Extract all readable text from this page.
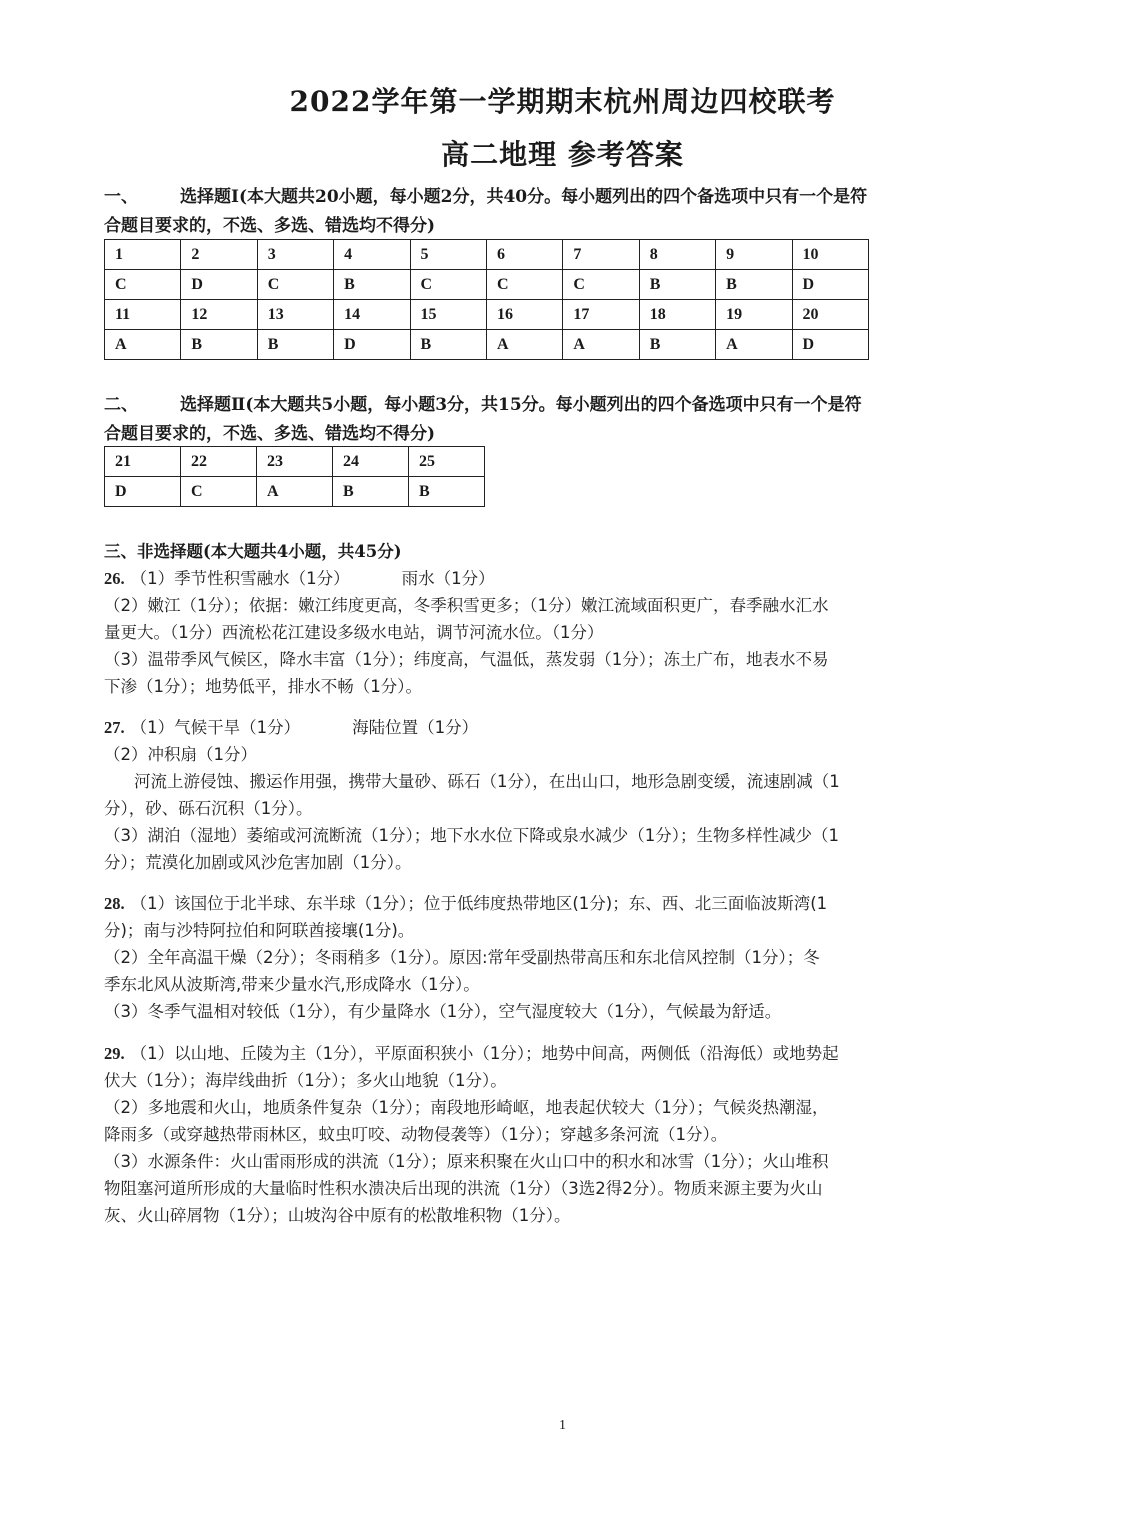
2022学年第一学期期末杭州周边四校联考
高二地理 参考答案
一、 选择题Ⅰ(本大题共20小题，每小题2分，共40分。每小题列出的四个备选项中只有一个是符
合题目要求的，不选、多选、错选均不得分)
1	2	3	4	5	6	7	8	9	10
C	D	C	B	C	C	C	B	B	D
11	12	13	14	15	16	17	18	19	20
A	B	B	D	B	A	A	B	A	D
二、 选择题Ⅱ(本大题共5小题，每小题3分，共15分。每小题列出的四个备选项中只有一个是符
合题目要求的，不选、多选、错选均不得分)
21	22	23	24	25
D	C	A	B	B
三、非选择题(本大题共4小题，共45分)
26. （1）季节性积雪融水（1分）	雨水（1分）
（2）嫩江（1分）；依据：嫩江纬度更高，冬季积雪更多；（1分）嫩江流域面积更广，春季融水汇水
量更大。（1分）西流松花江建设多级水电站，调节河流水位。（1分）
（3）温带季风气候区，降水丰富（1分）；纬度高，气温低，蒸发弱（1分）；冻土广布，地表水不易
下渗（1分）；地势低平，排水不畅（1分）。
27. （1）气候干旱（1分）	海陆位置（1分）
（2）冲积扇（1分）
河流上游侵蚀、搬运作用强，携带大量砂、砾石（1分），在出山口，地形急剧变缓，流速剧减（1
分），砂、砾石沉积（1分）。
（3）湖泊（湿地）萎缩或河流断流（1分）；地下水水位下降或泉水减少（1分）；生物多样性减少（1
分）；荒漠化加剧或风沙危害加剧（1分）。
28. （1）该国位于北半球、东半球（1分）；位于低纬度热带地区(1分)；东、西、北三面临波斯湾(1
分)；南与沙特阿拉伯和阿联酋接壤(1分)。
（2）全年高温干燥（2分）；冬雨稍多（1分）。原因:常年受副热带高压和东北信风控制（1分）；冬
季东北风从波斯湾,带来少量水汽,形成降水（1分）。
（3）冬季气温相对较低（1分），有少量降水（1分），空气湿度较大（1分），气候最为舒适。
29. （1）以山地、丘陵为主（1分），平原面积狭小（1分）；地势中间高，两侧低（沿海低）或地势起
伏大（1分）；海岸线曲折（1分）；多火山地貌（1分）。
（2）多地震和火山，地质条件复杂（1分）；南段地形崎岖，地表起伏较大（1分）；气候炎热潮湿，
降雨多（或穿越热带雨林区，蚊虫叮咬、动物侵袭等）（1分）；穿越多条河流（1分）。
（3）水源条件：火山雷雨形成的洪流（1分）；原来积聚在火山口中的积水和冰雪（1分）；火山堆积
物阻塞河道所形成的大量临时性积水溃决后出现的洪流（1分）（3选2得2分）。物质来源主要为火山
灰、火山碎屑物（1分）；山坡沟谷中原有的松散堆积物（1分）。
1
